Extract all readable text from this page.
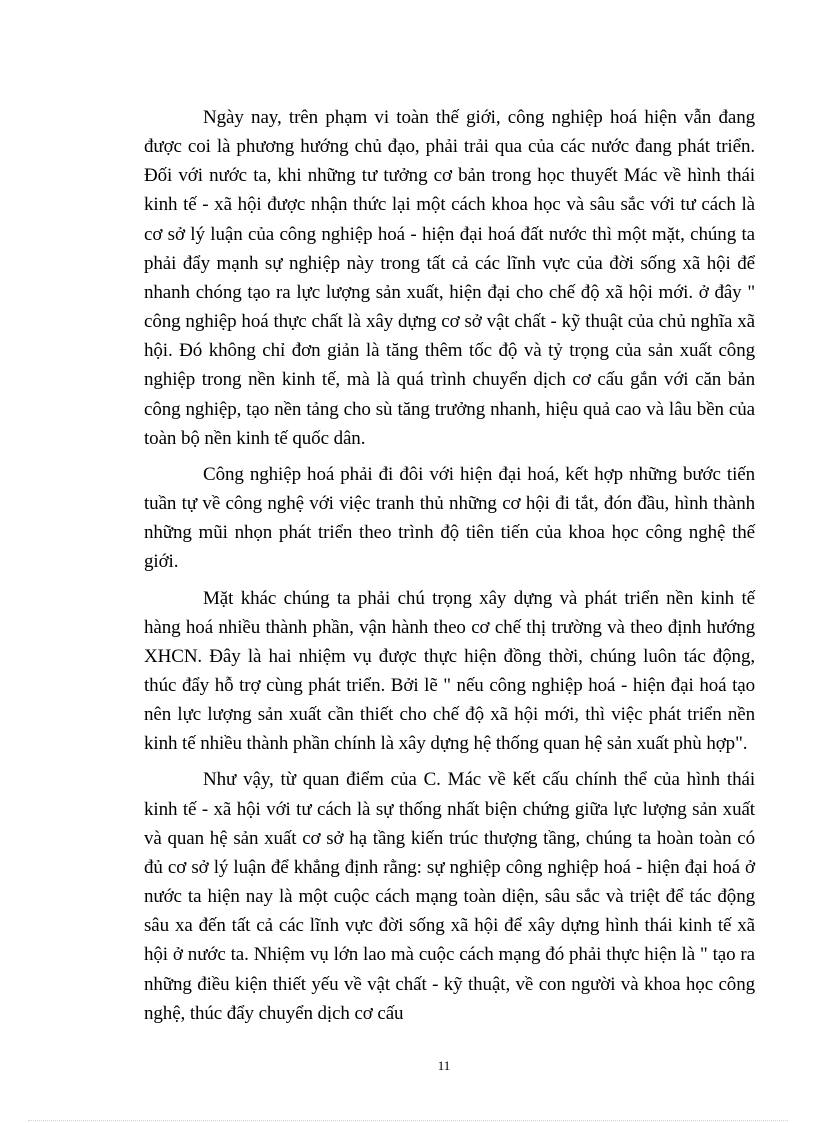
Ngày nay, trên phạm vi toàn thế giới, công nghiệp hoá hiện vẫn đang được coi là phương hướng chủ đạo, phải trải qua của các nước đang phát triển. Đối với nước ta, khi những tư tưởng cơ bản trong học thuyết Mác về hình thái kinh tế - xã hội được nhận thức lại một cách khoa học và sâu sắc với tư cách là cơ sở lý luận của công nghiệp hoá - hiện đại hoá đất nước thì một mặt, chúng ta phải đẩy mạnh sự nghiệp này trong tất cả các lĩnh vực của đời sống xã hội để nhanh chóng tạo ra lực lượng sản xuất, hiện đại cho chế độ xã hội mới. ở đây " công nghiệp hoá thực chất là xây dựng cơ sở vật chất - kỹ thuật của chủ nghĩa xã hội. Đó không chỉ đơn giản là tăng thêm tốc độ và tỷ trọng của sản xuất công nghiệp trong nền kinh tế, mà là quá trình chuyển dịch cơ cấu gắn với căn bản công nghiệp, tạo nền tảng cho sù tăng trưởng nhanh, hiệu quả cao và lâu bền của toàn bộ nền kinh tế quốc dân.

Công nghiệp hoá phải đi đôi với hiện đại hoá, kết hợp những bước tiến tuần tự về công nghệ với việc tranh thủ những cơ hội đi tắt, đón đầu, hình thành những mũi nhọn phát triển theo trình độ tiên tiến của khoa học công nghệ thế giới.

Mặt khác chúng ta phải chú trọng xây dựng và phát triển nền kinh tế hàng hoá nhiều thành phần, vận hành theo cơ chế thị trường và theo định hướng XHCN. Đây là hai nhiệm vụ được thực hiện đồng thời, chúng luôn tác động, thúc đẩy hỗ trợ cùng phát triển. Bởi lẽ " nếu công nghiệp hoá - hiện đại hoá tạo nên lực lượng sản xuất cần thiết cho chế độ xã hội mới, thì việc phát triển nền kinh tế nhiều thành phần chính là xây dựng hệ thống quan hệ sản xuất phù hợp".

Như vậy, từ quan điểm của C. Mác về kết cấu chính thể của hình thái kinh tế - xã hội với tư cách là sự thống nhất biện chứng giữa lực lượng sản xuất và quan hệ sản xuất cơ sở hạ tầng kiến trúc thượng tầng, chúng ta hoàn toàn có đủ cơ sở lý luận để khẳng định rằng: sự nghiệp công nghiệp hoá - hiện đại hoá ở nước ta hiện nay là một cuộc cách mạng toàn diện, sâu sắc và triệt để tác động sâu xa đến tất cả các lĩnh vực đời sống xã hội để xây dựng hình thái kinh tế xã hội ở nước ta. Nhiệm vụ lớn lao mà cuộc cách mạng đó phải thực hiện là " tạo ra những điều kiện thiết yếu về vật chất - kỹ thuật, về con người và khoa học công nghệ, thúc đẩy chuyển dịch cơ cấu

11
